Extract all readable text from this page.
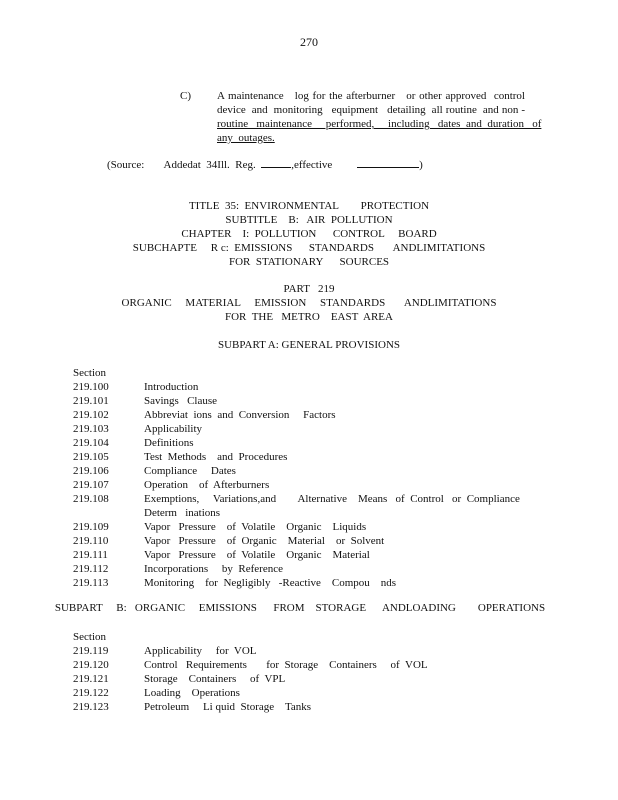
270
C) A maintenance   log for the afterburner   or other approved  control
device  and  monitoring   equipment   detailing  all routine  and non -
routine   maintenance     performed,     including   dates  and  duration   of
any  outages.
(Source: Addedat  34Ill.  Reg.	,effective	)
TITLE  35:  ENVIRONMENTAL        PROTECTION
SUBTITLE    B:   AIR  POLLUTION
CHAPTER    I:  POLLUTION      CONTROL     BOARD
SUBCHAPTE     R c:  EMISSIONS      STANDARDS       ANDLIMITATIONS
FOR  STATIONARY      SOURCES
PART   219
ORGANIC     MATERIAL     EMISSION     STANDARDS       ANDLIMITATIONS
FOR  THE   METRO    EAST  AREA
SUBPART A: GENERAL PROVISIONS
Section
219.100	Introduction
219.101	Savings   Clause
219.102	Abbreviat  ions  and  Conversion     Factors
219.103	Applicability
219.104	Definitions
219.105	Test  Methods    and  Procedures
219.106	Compliance     Dates
219.107	Operation    of  Afterburners
219.108	Exemptions,     Variations,and        Alternative    Means   of  Control   or  Compliance
Determ   inations
219.109	Vapor   Pressure    of  Volatile    Organic    Liquids
219.110	Vapor   Pressure    of  Organic    Material    or  Solvent
219.111	Vapor   Pressure    of  Volatile    Organic    Material
219.112	Incorporations     by  Reference
219.113	Monitoring    for  Negligibly   -Reactive    Compou    nds
SUBPART     B:   ORGANIC     EMISSIONS      FROM    STORAGE      ANDLOADING        OPERATIONS
Section
219.119	Applicability     for  VOL
219.120	Control   Requirements       for  Storage    Containers     of  VOL
219.121	Storage    Containers     of  VPL
219.122	Loading    Operations
219.123	Petroleum     Li quid  Storage    Tanks
